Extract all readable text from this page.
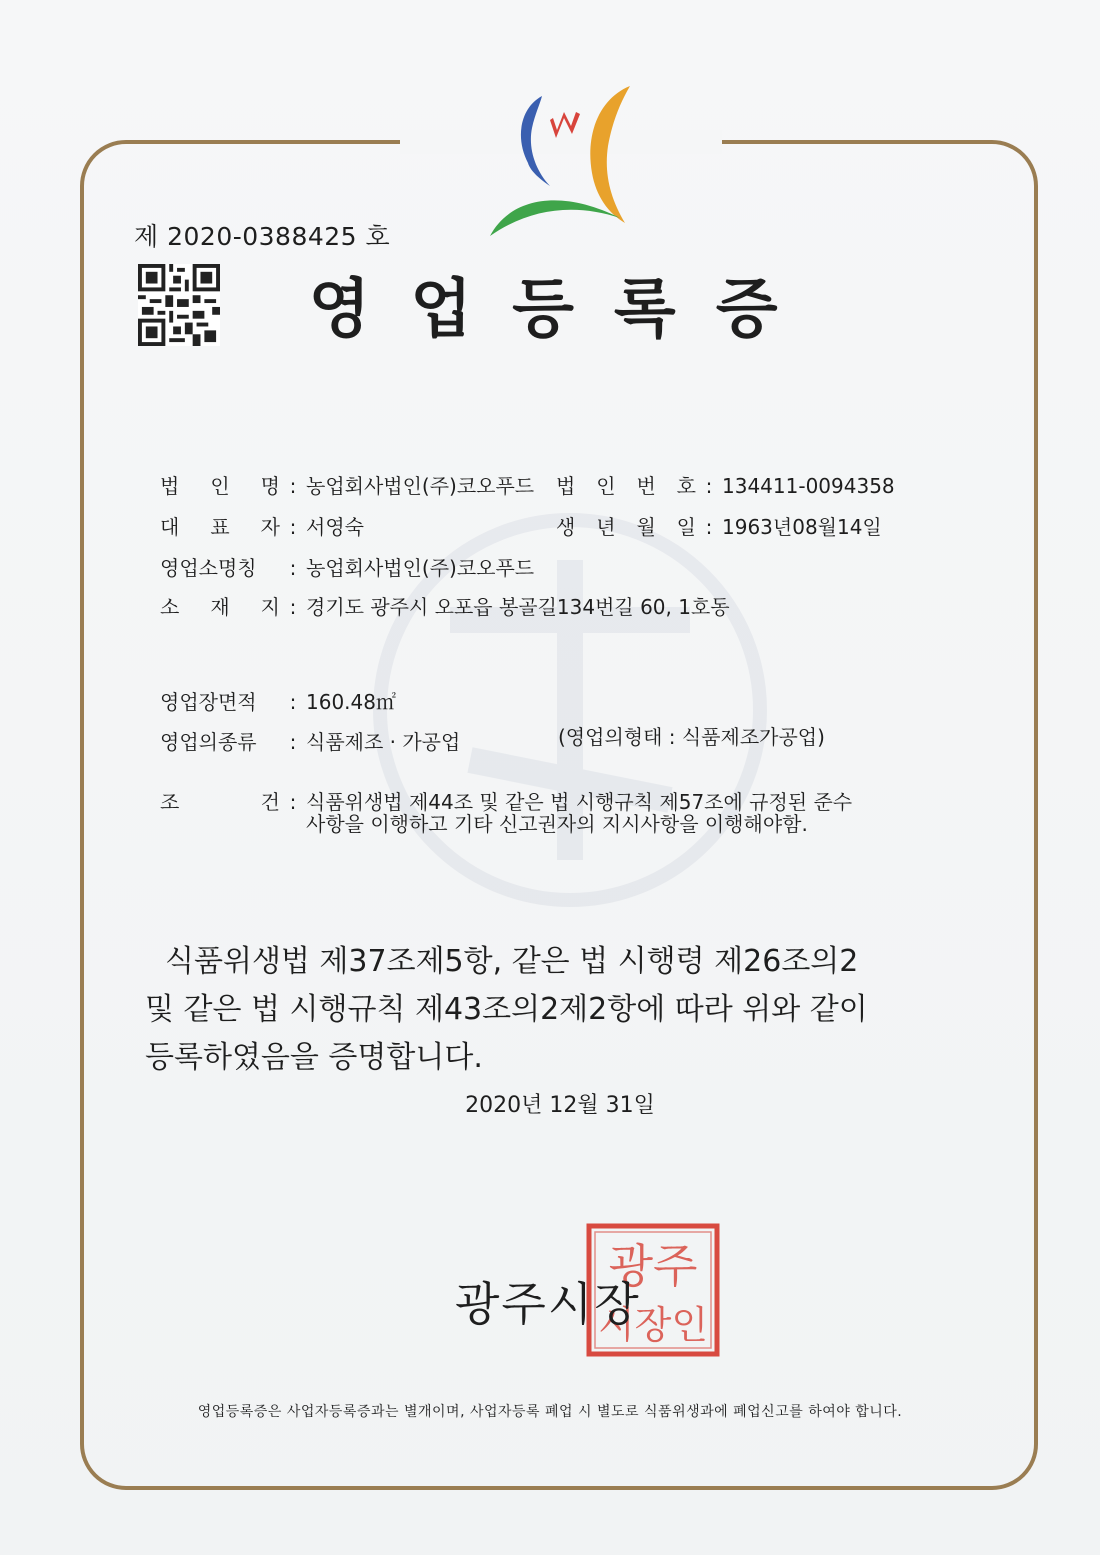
제 2020-0388425 호
영업등록증
법 인 명 : 농업회사법인(주)코오푸드 법 인 번 호 : 134411-0094358
대 표 자 : 서영숙	생 년 월 일 : 1963년08월14일
영업소명칭 : 농업회사법인(주)코오푸드
소 재 지 : 경기도 광주시 오포읍 봉골길134번길 60, 1호동
영업장면적 : 160.48㎡
영업의종류 : 식품제조 · 가공업	(영업의형태 : 식품제조가공업)
조 건 : 식품위생법 제44조 및 같은 법 시행규칙 제57조에 규정된 준수
사항을 이행하고 기타 신고권자의 지시사항을 이행해야함.
식품위생법 제37조제5항, 같은 법 시행령 제26조의2
및 같은 법 시행규칙 제43조의2제2항에 따라 위와 같이
등록하였음을 증명합니다.
2020년 12월 31일
광주
시장인
광주시장
영업등록증은 사업자등록증과는 별개이며, 사업자등록 폐업 시 별도로 식품위생과에 폐업신고를 하여야 합니다.
